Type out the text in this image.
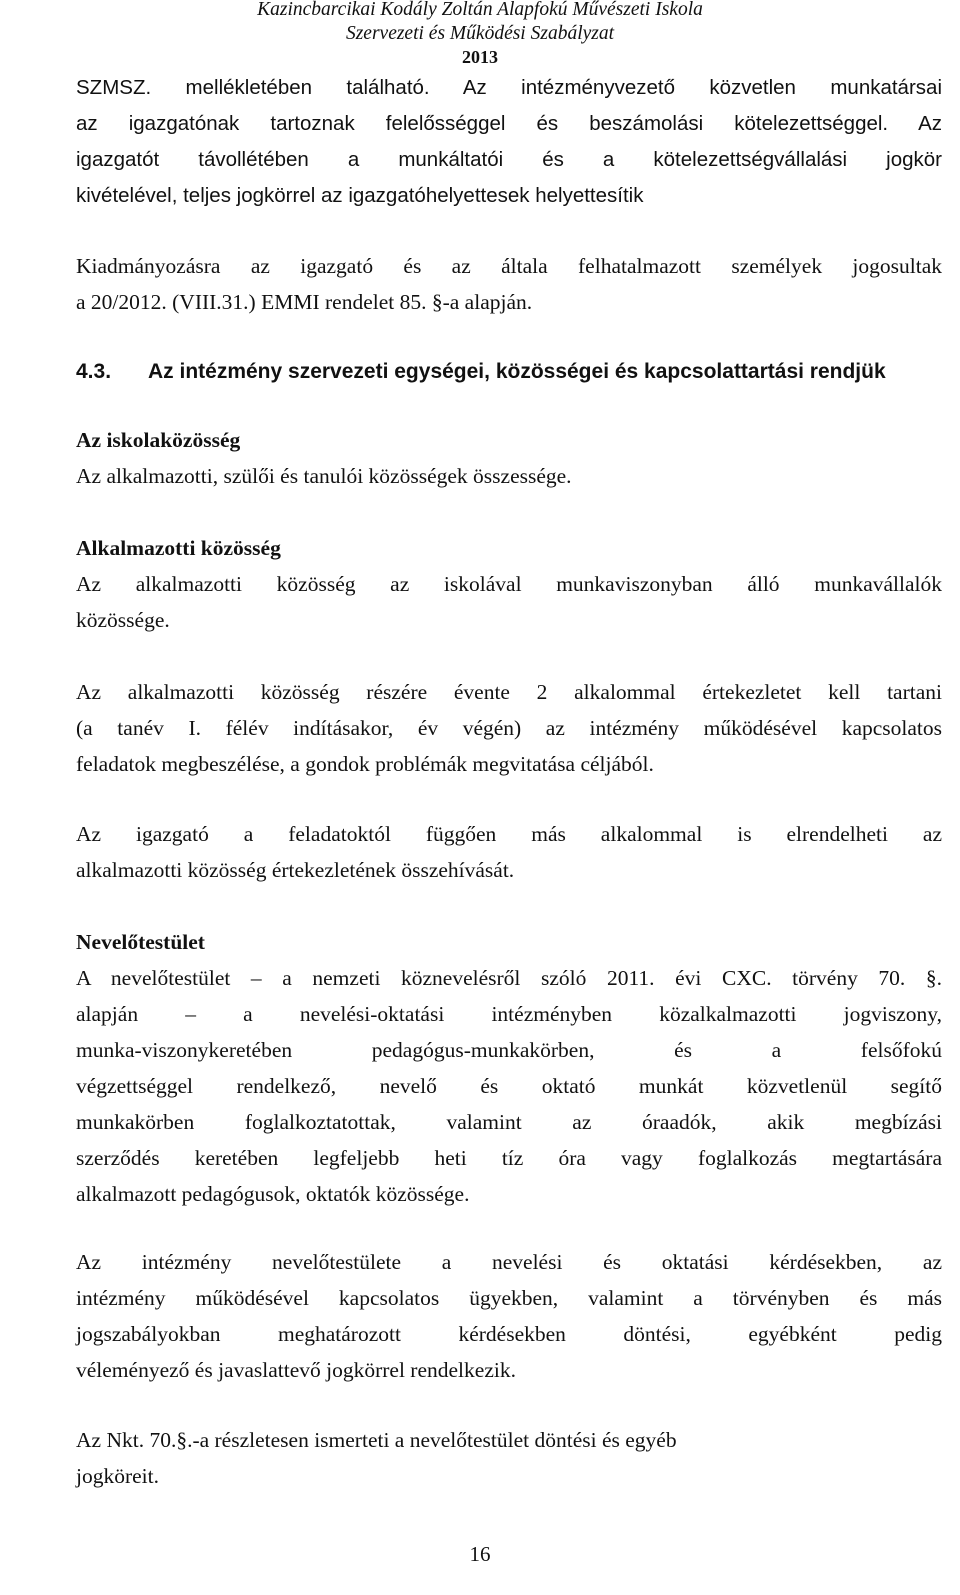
Kazincbarcikai Kodály Zoltán Alapfokú Művészeti Iskola
Szervezeti és Működési Szabályzat
2013

SZMSZ. mellékletében található. Az intézményvezető közvetlen munkatársai

az igazgatónak tartoznak felelősséggel és beszámolási kötelezettséggel. Az

igazgatót távollétében a munkáltatói és a kötelezettségvállalási jogkör

kivételével, teljes jogkörrel az igazgatóhelyettesek helyettesítik

Kiadmányozásra az igazgató és az általa felhatalmazott személyek jogosultak

a 20/2012. (VIII.31.) EMMI rendelet 85. §-a alapján.

4.3. Az intézmény szervezeti egységei, közösségei és kapcsolattartási rendjük

Az iskolaközösség

Az alkalmazotti, szülői és tanulói közösségek összessége.

Alkalmazotti közösség

Az alkalmazotti közösség az iskolával munkaviszonyban álló munkavállalók

közössége.

Az alkalmazotti közösség részére évente 2 alkalommal értekezletet kell tartani

(a tanév I. félév indításakor, év végén) az intézmény működésével kapcsolatos

feladatok megbeszélése, a gondok problémák megvitatása céljából.

Az igazgató a feladatoktól függően más alkalommal is elrendelheti az

alkalmazotti közösség értekezletének összehívását.

Nevelőtestület

A nevelőtestület – a nemzeti köznevelésről szóló 2011. évi CXC. törvény 70. §.

alapján – a nevelési-oktatási intézményben közalkalmazotti jogviszony,

munka-viszonykeretében pedagógus-munkakörben, és a felsőfokú

végzettséggel rendelkező, nevelő és oktató munkát közvetlenül segítő

munkakörben foglalkoztatottak, valamint az óraadók, akik megbízási

szerződés keretében legfeljebb heti tíz óra vagy foglalkozás megtartására

alkalmazott pedagógusok, oktatók közössége.

Az intézmény nevelőtestülete a nevelési és oktatási kérdésekben, az

intézmény működésével kapcsolatos ügyekben, valamint a törvényben és más

jogszabályokban meghatározott kérdésekben döntési, egyébként pedig

véleményező és javaslattevő jogkörrel rendelkezik.

Az Nkt. 70.§.-a részletesen ismerteti a nevelőtestület döntési és egyéb

jogköreit.

16
